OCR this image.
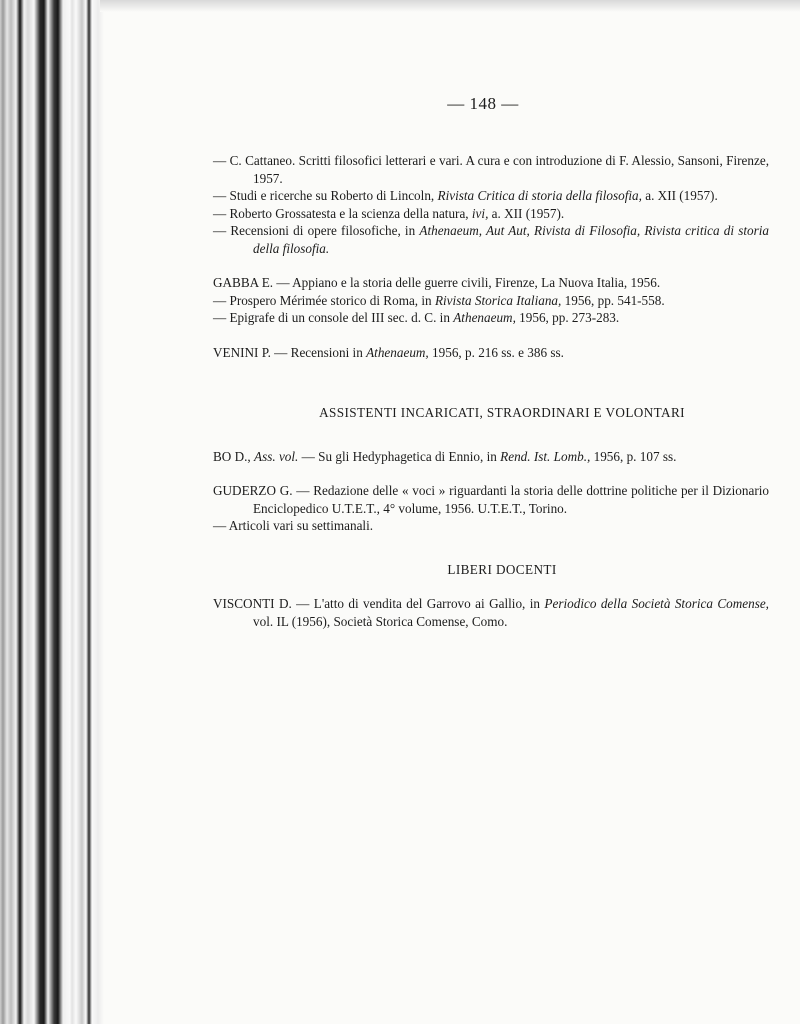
— 148 —

— C. Cattaneo. Scritti filosofici letterari e vari. A cura e con introduzione di F. Alessio, Sansoni, Firenze, 1957.

— Studi e ricerche su Roberto di Lincoln, Rivista Critica di storia della filosofia, a. XII (1957).

— Roberto Grossatesta e la scienza della natura, ivi, a. XII (1957).

— Recensioni di opere filosofiche, in Athenaeum, Aut Aut, Rivista di Filosofia, Rivista critica di storia della filosofia.

GABBA E. — Appiano e la storia delle guerre civili, Firenze, La Nuova Italia, 1956.

— Prospero Mérimée storico di Roma, in Rivista Storica Italiana, 1956, pp. 541-558.

— Epigrafe di un console del III sec. d. C. in Athenaeum, 1956, pp. 273-283.

VENINI P. — Recensioni in Athenaeum, 1956, p. 216 ss. e 386 ss.

ASSISTENTI INCARICATI, STRAORDINARI E VOLONTARI

BO D., Ass. vol. — Su gli Hedyphagetica di Ennio, in Rend. Ist. Lomb., 1956, p. 107 ss.

GUDERZO G. — Redazione delle « voci » riguardanti la storia delle dottrine politiche per il Dizionario Enciclopedico U.T.E.T., 4° volume, 1956. U.T.E.T., Torino.

— Articoli vari su settimanali.

LIBERI DOCENTI

VISCONTI D. — L'atto di vendita del Garrovo ai Gallio, in Periodico della Società Storica Comense, vol. IL (1956), Società Storica Comense, Como.
